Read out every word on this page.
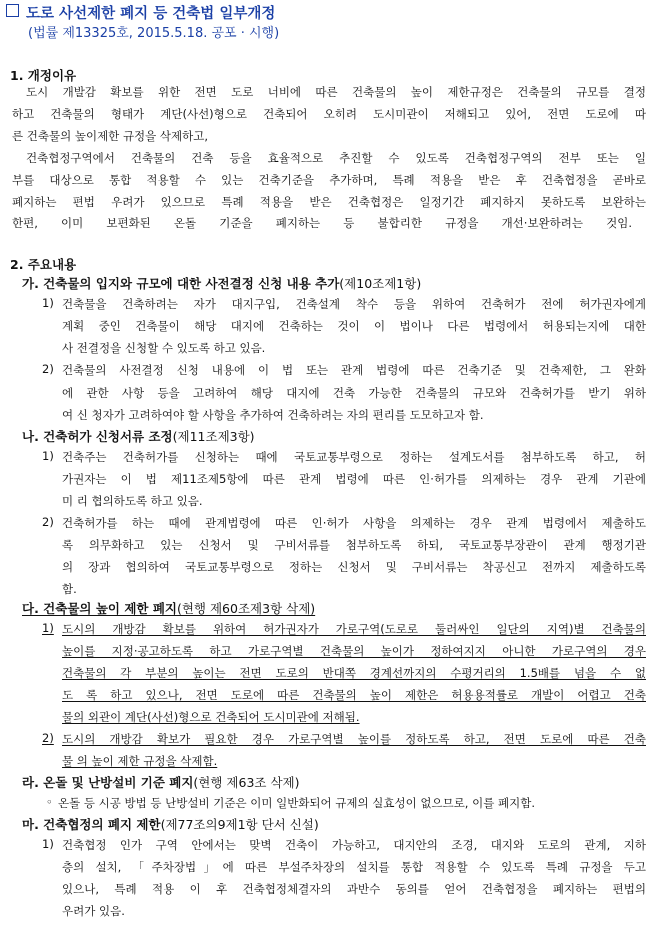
도로 사선제한 폐지 등 건축법 일부개정
(법률 제13325호, 2015.5.18. 공포 · 시행)
1. 개정이유
도시 개발감 확보를 위한 전면 도로 너비에 따른 건축물의 높이 제한규정은 건축물의 규모를 결정
하고 건축물의 형태가 계단(사선)형으로 건축되어 오히려 도시미관이 저해되고 있어, 전면 도로에 따
른 건축물의 높이제한 규정을 삭제하고,
건축협정구역에서 건축물의 건축 등을 효율적으로 추진할 수 있도록 건축협정구역의 전부 또는 일
부를 대상으로 통합 적용할 수 있는 건축기준을 추가하며, 특례 적용을 받은 후 건축협정을 곧바로
폐지하는 편법 우려가 있으므로 특례 적용을 받은 건축협정은 일정기간 폐지하지 못하도록 보완하는
한편, 이미 보편화된 온돌 기준을 폐지하는 등 불합리한 규정을 개선·보완하려는 것임.
2. 주요내용
가. 건축물의 입지와 규모에 대한 사전결정 신청 내용 추가(제10조제1항)
1) 건축물을 건축하려는 자가 대지구입, 건축설계 착수 등을 위하여 건축허가 전에 허가권자에게
계획 중인 건축물이 해당 대지에 건축하는 것이 이 법이나 다른 법령에서 허용되는지에 대한
사 전결정을 신청할 수 있도록 하고 있음.
2) 건축물의 사전결정 신청 내용에 이 법 또는 관계 법령에 따른 건축기준 및 건축제한, 그 완화
에 관한 사항 등을 고려하여 해당 대지에 건축 가능한 건축물의 규모와 건축허가를 받기 위하
여 신 청자가 고려하여야 할 사항을 추가하여 건축하려는 자의 편리를 도모하고자 함.
나. 건축허가 신청서류 조정(제11조제3항)
1) 건축주는 건축허가를 신청하는 때에 국토교통부령으로 정하는 설계도서를 첨부하도록 하고, 허
가권자는 이 법 제11조제5항에 따른 관계 법령에 따른 인·허가를 의제하는 경우 관계 기관에
미 리 협의하도록 하고 있음.
2) 건축허가를 하는 때에 관계법령에 따른 인·허가 사항을 의제하는 경우 관계 법령에서 제출하도
록 의무화하고 있는 신청서 및 구비서류를 첨부하도록 하되, 국토교통부장관이 관계 행정기관
의 장과 협의하여 국토교통부령으로 정하는 신청서 및 구비서류는 착공신고 전까지 제출하도록
함.
다. 건축물의 높이 제한 폐지(현행 제60조제3항 삭제)
1) 도시의 개방감 확보를 위하여 허가권자가 가로구역(도로로 둘러싸인 일단의 지역)별 건축물의
높이를 지정·공고하도록 하고 가로구역별 건축물의 높이가 정하여지지 아니한 가로구역의 경우
건축물의 각 부분의 높이는 전면 도로의 반대쪽 경계선까지의 수평거리의 1.5배를 넘을 수 없
도 록 하고 있으나, 전면 도로에 따른 건축물의 높이 제한은 허용용적률로 개발이 어렵고 건축
물의 외관이 계단(사선)형으로 건축되어 도시미관에 저해됨.
2) 도시의 개방감 확보가 필요한 경우 가로구역별 높이를 정하도록 하고, 전면 도로에 따른 건축
물 의 높이 제한 규정을 삭제함.
라. 온돌 및 난방설비 기준 폐지(현행 제63조 삭제)
◦ 온돌 등 시공 방법 등 난방설비 기준은 이미 일반화되어 규제의 실효성이 없으므로, 이를 폐지함.
마. 건축협정의 폐지 제한(제77조의9제1항 단서 신설)
1) 건축협정 인가 구역 안에서는 맞벽 건축이 가능하고, 대지안의 조경, 대지와 도로의 관계, 지하
층의 설치, 「주차장법」에 따른 부설주차장의 설치를 통합 적용할 수 있도록 특례 규정을 두고
있으나, 특례 적용 이 후 건축협정체결자의 과반수 동의를 얻어 건축협정을 폐지하는 편법의
우려가 있음.
